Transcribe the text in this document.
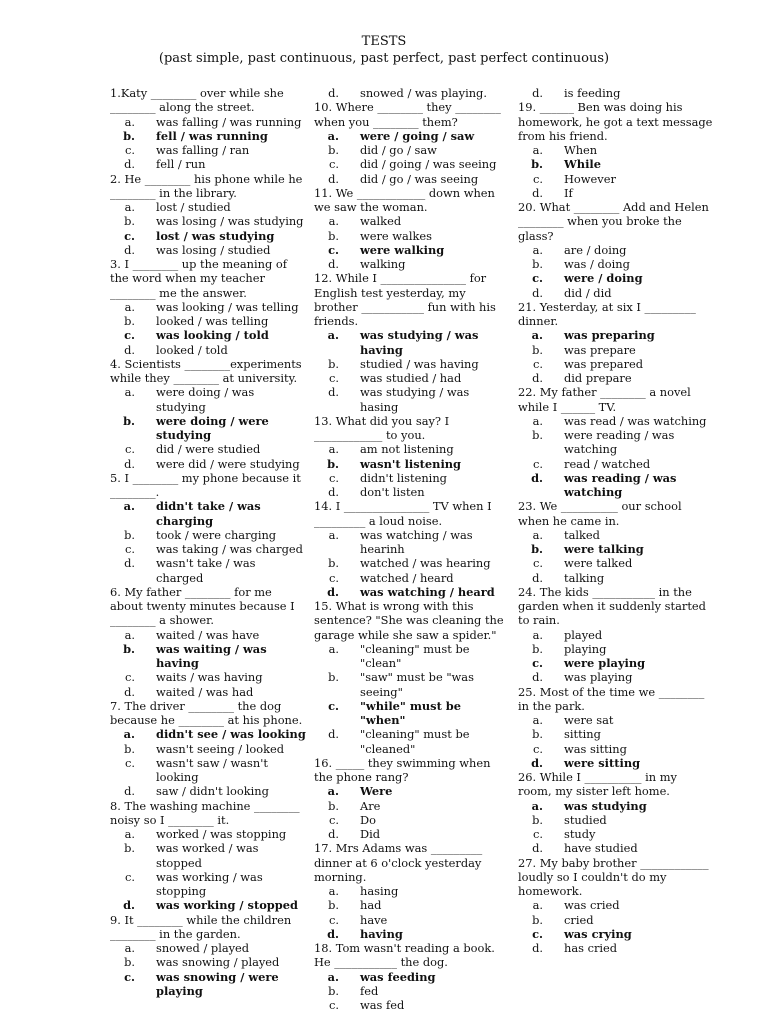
TESTS
(past simple, past continuous, past perfect, past perfect continuous)

1.Katy ________ over while she ________ along the street.

a.	was falling / was running
b.	fell / was running
c.	was falling / ran
d.	fell / run

2. He ________ his phone while he ________ in the library.

a.	lost / studied
b.	was losing / was studying
c.	lost / was studying
d.	was losing / studied

3. I ________ up the meaning of the word when my teacher ________ me the answer.

a.	was looking / was telling
b.	looked / was telling
c.	was looking / told
d.	looked / told

4. Scientists ________experiments while they ________ at university.

a.	were doing / was studying
b.	were doing / were studying
c.	did / were studied
d.	were did / were studying

5. I ________ my phone because it ________.

a.	didn't take / was charging
b.	took / were charging
c.	was taking / was charged
d.	wasn't take / was charged

6. My father ________ for me about twenty minutes because I ________ a shower.

a.	waited / was have
b.	was waiting / was having
c.	waits / was having
d.	waited / was had

7. The driver ________ the dog because he ________ at his phone.

a.	didn't see / was looking
b.	wasn't seeing / looked
c.	wasn't saw / wasn't looking
d.	saw / didn't looking

8. The washing machine ________ noisy so I ________ it.

a.	worked / was stopping
b.	was worked / was stopped
c.	was working / was stopping
d.	was working / stopped

9. It ________ while the children ________ in the garden.

a.	snowed / played
b.	was snowing / played
c.	was snowing / were playing
d.	snowed / was playing.

10. Where ________ they ________ when you ________ them?

a.	were / going / saw
b.	did / go / saw
c.	did / going / was seeing
d.	did / go / was seeing

11. We ____________ down when we saw the woman.

a.	walked
b.	were walkes
c.	were walking
d.	walking

12. While I _______________ for English test yesterday, my brother ___________ fun with his friends.

a.	was studying / was having
b.	studied / was having
c.	was studied / had
d.	was studying / was hasing

13. What did you say? I ____________ to you.

a.	am not listening
b.	wasn't listening
c.	didn't listening
d.	don't listen

14. I _______________ TV when I _________ a loud noise.

a.	was watching / was hearinh
b.	watched / was hearing
c.	watched / heard
d.	was watching / heard

15. What is wrong with this sentence? "She was cleaning the garage while she saw a spider."

a.	"cleaning" must be "clean"
b.	"saw" must be "was seeing"
c.	"while" must be "when"
d.	"cleaning" must be "cleaned"

16. _____ they swimming when the phone rang?

a.	Were
b.	Are
c.	Do
d.	Did

17. Mrs Adams was _________ dinner at 6 o'clock yesterday morning.

a.	hasing
b.	had
c.	have
d.	having

18. Tom wasn't reading a book. He ___________ the dog.

a.	was feeding
b.	fed
c.	was fed
d.	is feeding

19. ______ Ben was doing his homework, he got a text message from his friend.

a.	When
b.	While
c.	However
d.	If

20. What ________ Add and Helen ________ when you broke the glass?

a.	are / doing
b.	was / doing
c.	were / doing
d.	did / did

21. Yesterday, at six I _________ dinner.

a.	was preparing
b.	was prepare
c.	was prepared
d.	did prepare

22. My father ________ a novel while I ______ TV.

a.	was read / was watching
b.	were reading / was watching
c.	read / watched
d.	was reading / was watching

23. We __________ our school when he came in.

a.	talked
b.	were talking
c.	were talked
d.	talking

24. The kids ___________ in the garden when it suddenly started to rain.

a.	played
b.	playing
c.	were playing
d.	was playing

25. Most of the time we ________ in the park.

a.	were sat
b.	sitting
c.	was sitting
d.	were sitting

26. While I __________ in my room, my sister left home.

a.	was studying
b.	studied
c.	study
d.	have studied

27. My baby brother ____________ loudly so I couldn't do my homework.

a.	was cried
b.	cried
c.	was crying
d.	has cried
